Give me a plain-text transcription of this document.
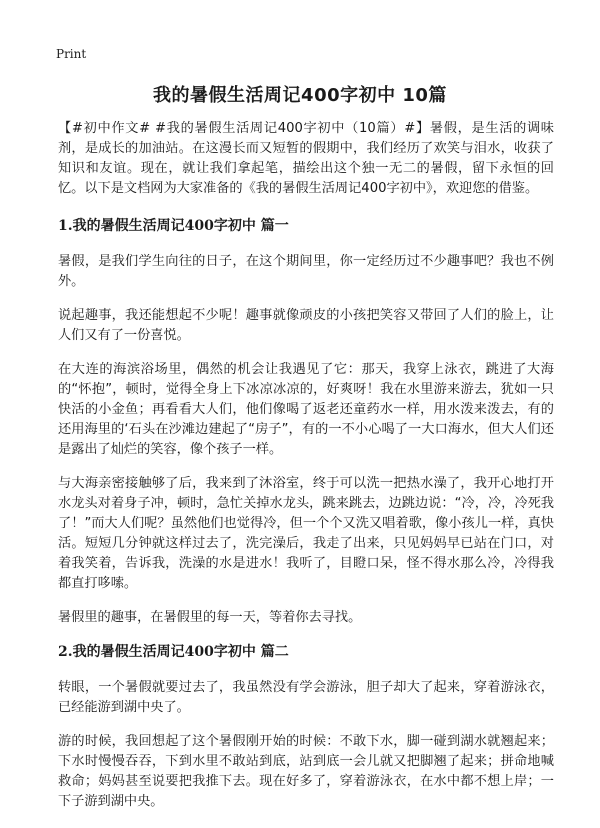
Print
我的暑假生活周记400字初中 10篇

【#初中作文# #我的暑假生活周记400字初中（10篇）#】暑假，是生活的调味剂，是成长的加油站。在这漫长而又短暂的假期中，我们经历了欢笑与泪水，收获了知识和友谊。现在，就让我们拿起笔，描绘出这个独一无二的暑假，留下永恒的回忆。以下是文档网为大家准备的《我的暑假生活周记400字初中》，欢迎您的借鉴。

1.我的暑假生活周记400字初中 篇一

暑假，是我们学生向往的日子，在这个期间里，你一定经历过不少趣事吧？我也不例外。

说起趣事，我还能想起不少呢！趣事就像顽皮的小孩把笑容又带回了人们的脸上，让人们又有了一份喜悦。

在大连的海滨浴场里，偶然的机会让我遇见了它：那天，我穿上泳衣，跳进了大海的“怀抱”，顿时，觉得全身上下冰凉冰凉的，好爽呀！我在水里游来游去，犹如一只快活的小金鱼；再看看大人们，他们像喝了返老还童药水一样，用水泼来泼去，有的还用海里的‘石头在沙滩边建起了“房子”，有的一不小心喝了一大口海水，但大人们还是露出了灿烂的笑容，像个孩子一样。

与大海亲密接触够了后，我来到了沐浴室，终于可以洗一把热水澡了，我开心地打开水龙头对着身子冲，顿时，急忙关掉水龙头，跳来跳去，边跳边说：“冷，冷，冷死我了！”而大人们呢？虽然他们也觉得冷，但一个个又洗又唱着歌，像小孩儿一样，真快活。短短几分钟就这样过去了，洗完澡后，我走了出来，只见妈妈早已站在门口，对着我笑着，告诉我，洗澡的水是进水！我听了，目瞪口呆，怪不得水那么冷，冷得我都直打哆嗦。

暑假里的趣事，在暑假里的每一天，等着你去寻找。

2.我的暑假生活周记400字初中 篇二

转眼，一个暑假就要过去了，我虽然没有学会游泳，胆子却大了起来，穿着游泳衣，已经能游到湖中央了。

游的时候，我回想起了这个暑假刚开始的时候：不敢下水，脚一碰到湖水就翘起来；下水时慢慢吞吞，下到水里不敢站到底，站到底一会儿就又把脚翘了起来；拼命地喊救命；妈妈甚至说要把我推下去。现在好多了，穿着游泳衣，在水中都不想上岸；一下子游到湖中央。
